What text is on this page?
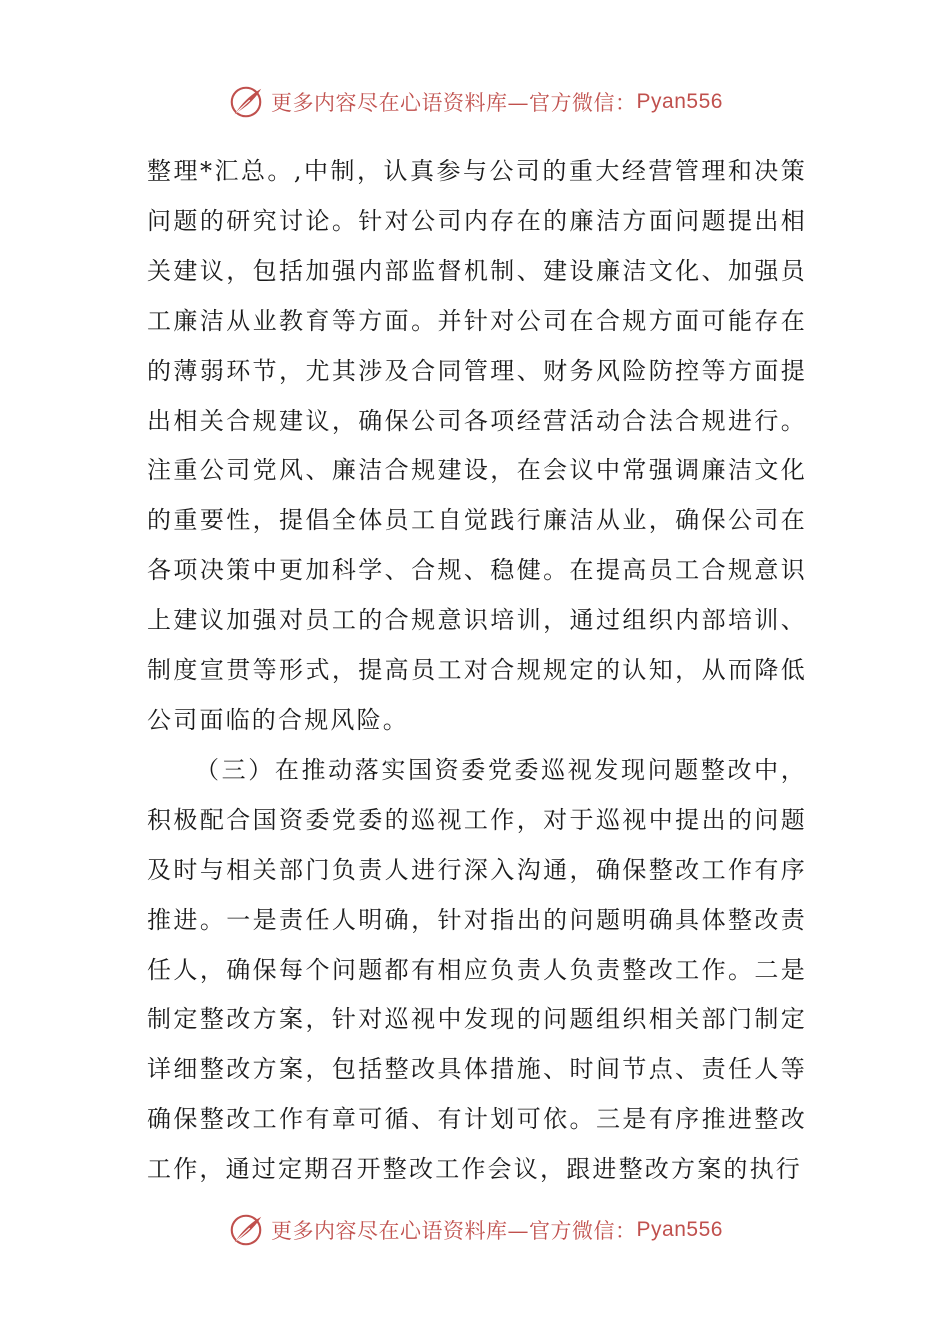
更多内容尽在心语资料库—官方微信： Pyan556

整理*汇总。,中制，认真参与公司的重大经营管理和决策问题的研究讨论。针对公司内存在的廉洁方面问题提出相关建议，包括加强内部监督机制、建设廉洁文化、加强员工廉洁从业教育等方面。并针对公司在合规方面可能存在的薄弱环节，尤其涉及合同管理、财务风险防控等方面提出相关合规建议，确保公司各项经营活动合法合规进行。注重公司党风、廉洁合规建设，在会议中常强调廉洁文化的重要性，提倡全体员工自觉践行廉洁从业，确保公司在各项决策中更加科学、合规、稳健。在提高员工合规意识上建议加强对员工的合规意识培训，通过组织内部培训、制度宣贯等形式，提高员工对合规规定的认知，从而降低公司面临的合规风险。

（三）在推动落实国资委党委巡视发现问题整改中，积极配合国资委党委的巡视工作，对于巡视中提出的问题及时与相关部门负责人进行深入沟通，确保整改工作有序推进。一是责任人明确，针对指出的问题明确具体整改责任人，确保每个问题都有相应负责人负责整改工作。二是制定整改方案，针对巡视中发现的问题组织相关部门制定详细整改方案，包括整改具体措施、时间节点、责任人等确保整改工作有章可循、有计划可依。三是有序推进整改工作，通过定期召开整改工作会议，跟进整改方案的执行

更多内容尽在心语资料库—官方微信： Pyan556
